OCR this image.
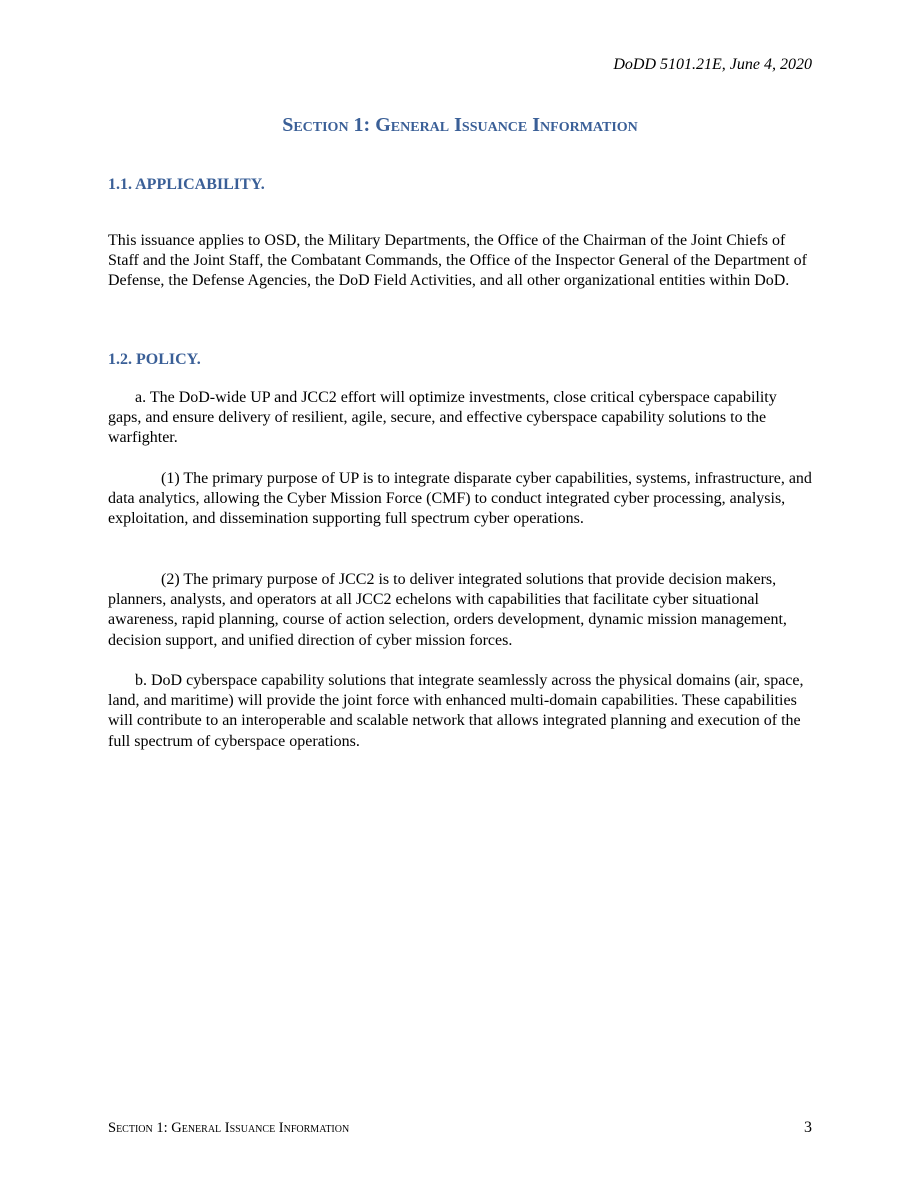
DoDD 5101.21E, June 4, 2020
Section 1: General Issuance Information
1.1. APPLICABILITY.

This issuance applies to OSD, the Military Departments, the Office of the Chairman of the Joint Chiefs of Staff and the Joint Staff, the Combatant Commands, the Office of the Inspector General of the Department of Defense, the Defense Agencies, the DoD Field Activities, and all other organizational entities within DoD.

1.2. POLICY.

a. The DoD-wide UP and JCC2 effort will optimize investments, close critical cyberspace capability gaps, and ensure delivery of resilient, agile, secure, and effective cyberspace capability solutions to the warfighter.

(1) The primary purpose of UP is to integrate disparate cyber capabilities, systems, infrastructure, and data analytics, allowing the Cyber Mission Force (CMF) to conduct integrated cyber processing, analysis, exploitation, and dissemination supporting full spectrum cyber operations.

(2) The primary purpose of JCC2 is to deliver integrated solutions that provide decision makers, planners, analysts, and operators at all JCC2 echelons with capabilities that facilitate cyber situational awareness, rapid planning, course of action selection, orders development, dynamic mission management, decision support, and unified direction of cyber mission forces.

b. DoD cyberspace capability solutions that integrate seamlessly across the physical domains (air, space, land, and maritime) will provide the joint force with enhanced multi-domain capabilities. These capabilities will contribute to an interoperable and scalable network that allows integrated planning and execution of the full spectrum of cyberspace operations.

Section 1: General Issuance Information	3
